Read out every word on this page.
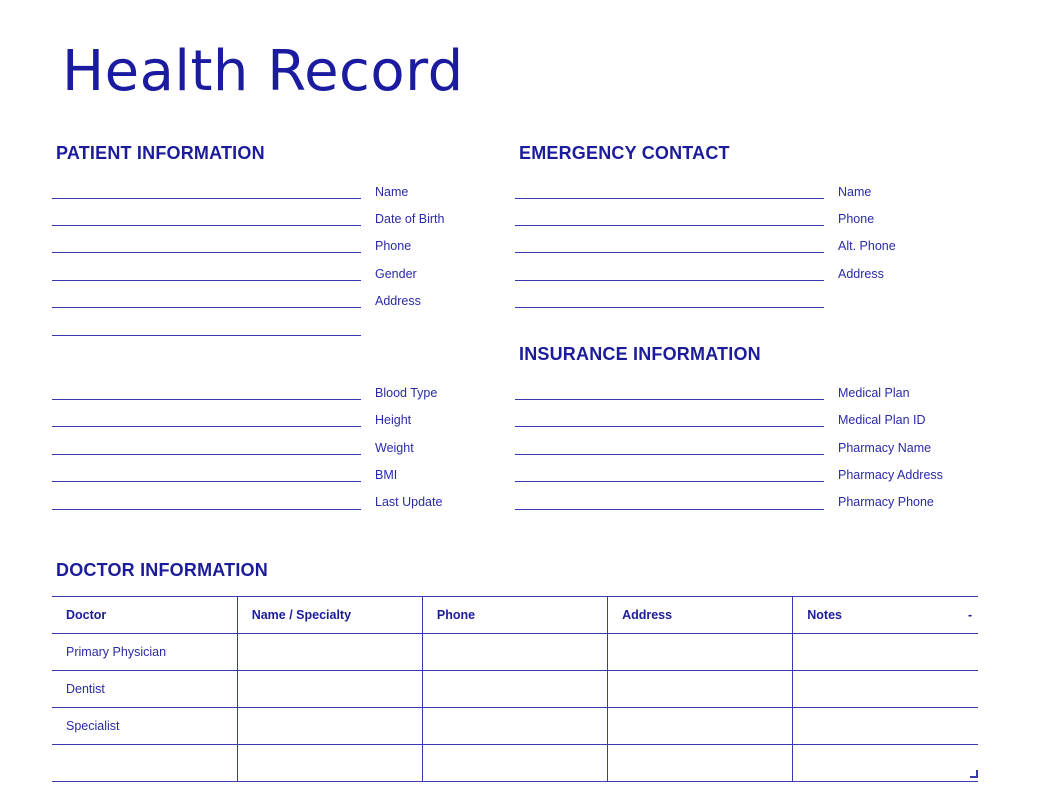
Health Record
PATIENT INFORMATION
Name
Date of Birth
Phone
Gender
Address
Blood Type
Height
Weight
BMI
Last Update
EMERGENCY CONTACT
Name
Phone
Alt. Phone
Address
INSURANCE INFORMATION
Medical Plan
Medical Plan ID
Pharmacy Name
Pharmacy Address
Pharmacy Phone
DOCTOR INFORMATION
Doctor	Name / Specialty	Phone	Address	Notes -
Primary Physician				
Dentist				
Specialist				
